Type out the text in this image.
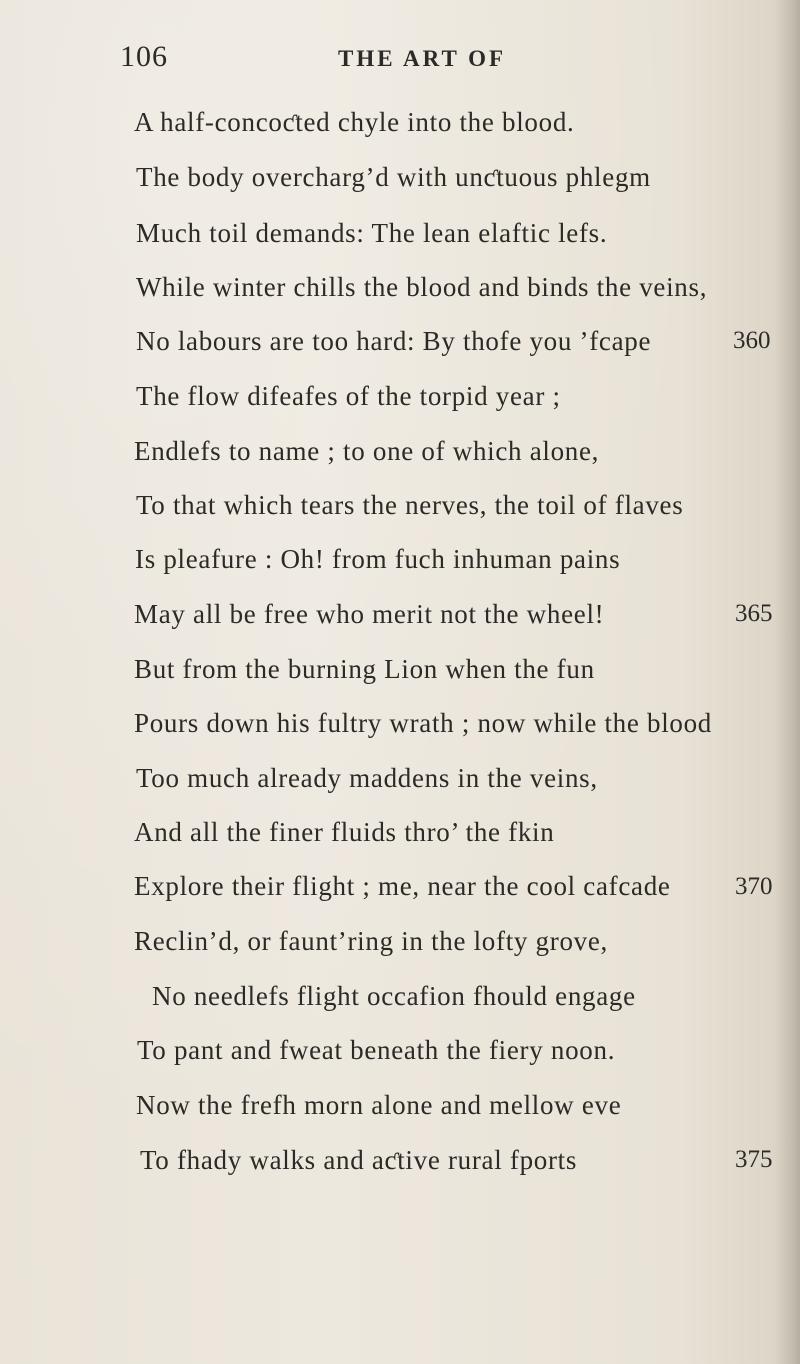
106	THE ART OF
A half-concoƈted chyle into the blood.
The body overcharg’d with unƈtuous phlegm
Much toil demands: The lean elaftic lefs.
While winter chills the blood and binds the veins,
No labours are too hard: By thofe you ’fcape
The flow difeafes of the torpid year ;
Endlefs to name ; to one of which alone,
To that which tears the nerves, the toil of flaves
Is pleafure : Oh! from fuch inhuman pains
May all be free who merit not the wheel!
But from the burning Lion when the fun
Pours down his fultry wrath ; now while the blood
Too much already maddens in the veins,
And all the finer fluids thro’ the fkin
Explore their flight ; me, near the cool cafcade
Reclin’d, or faunt’ring in the lofty grove,
No needlefs flight occafion fhould engage
To pant and fweat beneath the fiery noon.
Now the frefh morn alone and mellow eve
To fhady walks and aƈtive rural fports
360
365
370
375
